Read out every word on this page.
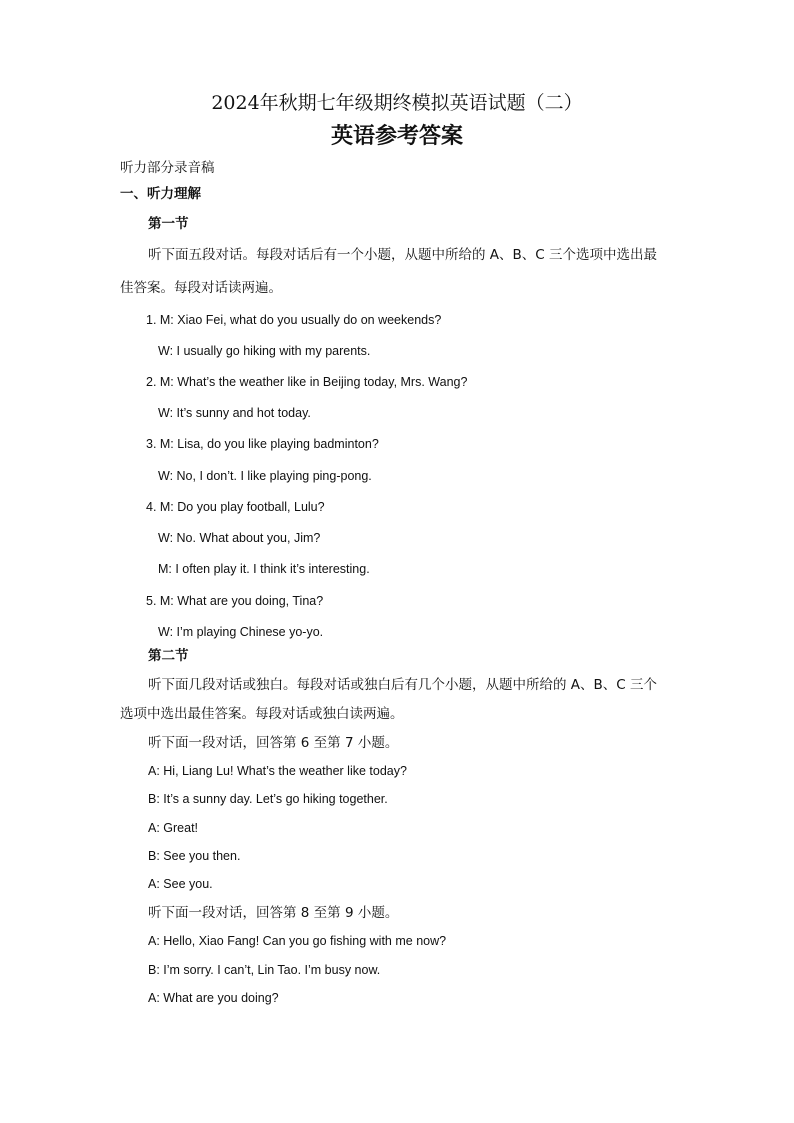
2024年秋期七年级期终模拟英语试题（二）
英语参考答案
听力部分录音稿
一、听力理解
第一节
听下面五段对话。每段对话后有一个小题，从题中所给的 A、B、C 三个选项中选出最
佳答案。每段对话读两遍。
1. M: Xiao Fei, what do you usually do on weekends?
W: I usually go hiking with my parents.
2. M: What’s the weather like in Beijing today, Mrs. Wang?
W: It’s sunny and hot today.
3. M: Lisa, do you like playing badminton?
W: No, I don’t. I like playing ping-pong.
4. M: Do you play football, Lulu?
W: No. What about you, Jim?
M: I often play it. I think it’s interesting.
5. M: What are you doing, Tina?
W: I’m playing Chinese yo-yo.
第二节
听下面几段对话或独白。每段对话或独白后有几个小题，从题中所给的 A、B、C 三个
选项中选出最佳答案。每段对话或独白读两遍。
听下面一段对话，回答第 6 至第 7 小题。
A: Hi, Liang Lu! What’s the weather like today?
B: It’s a sunny day. Let’s go hiking together.
A: Great!
B: See you then.
A: See you.
听下面一段对话，回答第 8 至第 9 小题。
A: Hello, Xiao Fang! Can you go fishing with me now?
B: I’m sorry. I can’t, Lin Tao. I’m busy now.
A: What are you doing?
